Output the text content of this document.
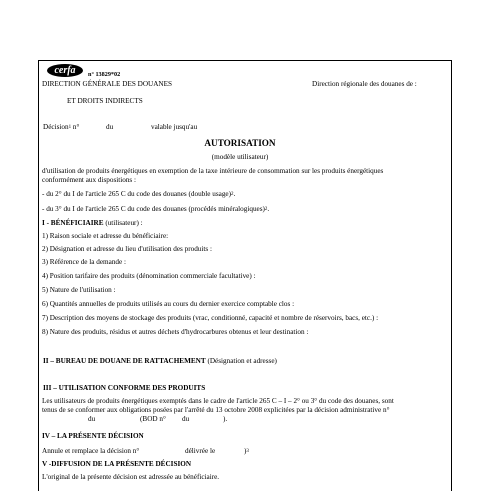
cerfa	n° 13829*02
DIRECTION GÉNÉRALE DES DOUANES
ET DROITS INDIRECTS
Direction régionale des douanes de :
Décision$^1$ n°	du	valable jusqu'au
AUTORISATION
(modèle utilisateur)
d'utilisation de produits énergétiques en exemption de la taxe intérieure de consommation sur les produits énergétiques
conformément aux dispositions :
- du 2° du I de l'article 265 C du code des douanes (double usage)$^2$.
- du 3° du I de l'article 265 C du code des douanes (procédés minéralogiques)$^2$.
I - BÉNÉFICIAIRE (utilisateur) :
1) Raison sociale et adresse du bénéficiaire:
2) Désignation et adresse du lieu d'utilisation des produits :
3) Référence de la demande :
4) Position tarifaire des produits (dénomination commerciale facultative) :
5) Nature de l'utilisation :
6) Quantités annuelles de produits utilisés au cours du dernier exercice comptable clos :
7) Description des moyens de stockage des produits (vrac, conditionné, capacité et nombre de réservoirs, bacs, etc.) :
8) Nature des produits, résidus et autres déchets d'hydrocarbures obtenus et leur destination :
II – BUREAU DE DOUANE DE RATTACHEMENT (Désignation et adresse)
III – UTILISATION CONFORME DES PRODUITS
Les utilisateurs de produits énergétiques exemptés dans le cadre de l'article 265 C – I – 2° ou 3° du code des douanes, sont
tenus de se conformer aux obligations posées par l'arrêté du 13 octobre 2008 explicitées par la décision administrative n°
du	(BOD n° du	).
IV – LA PRÉSENTE DÉCISION
Annule et remplace la décision n°	délivrée le	)$^3$
V -DIFFUSION DE LA PRÉSENTE DÉCISION
L'original de la présente décision est adressée au bénéficiaire.
